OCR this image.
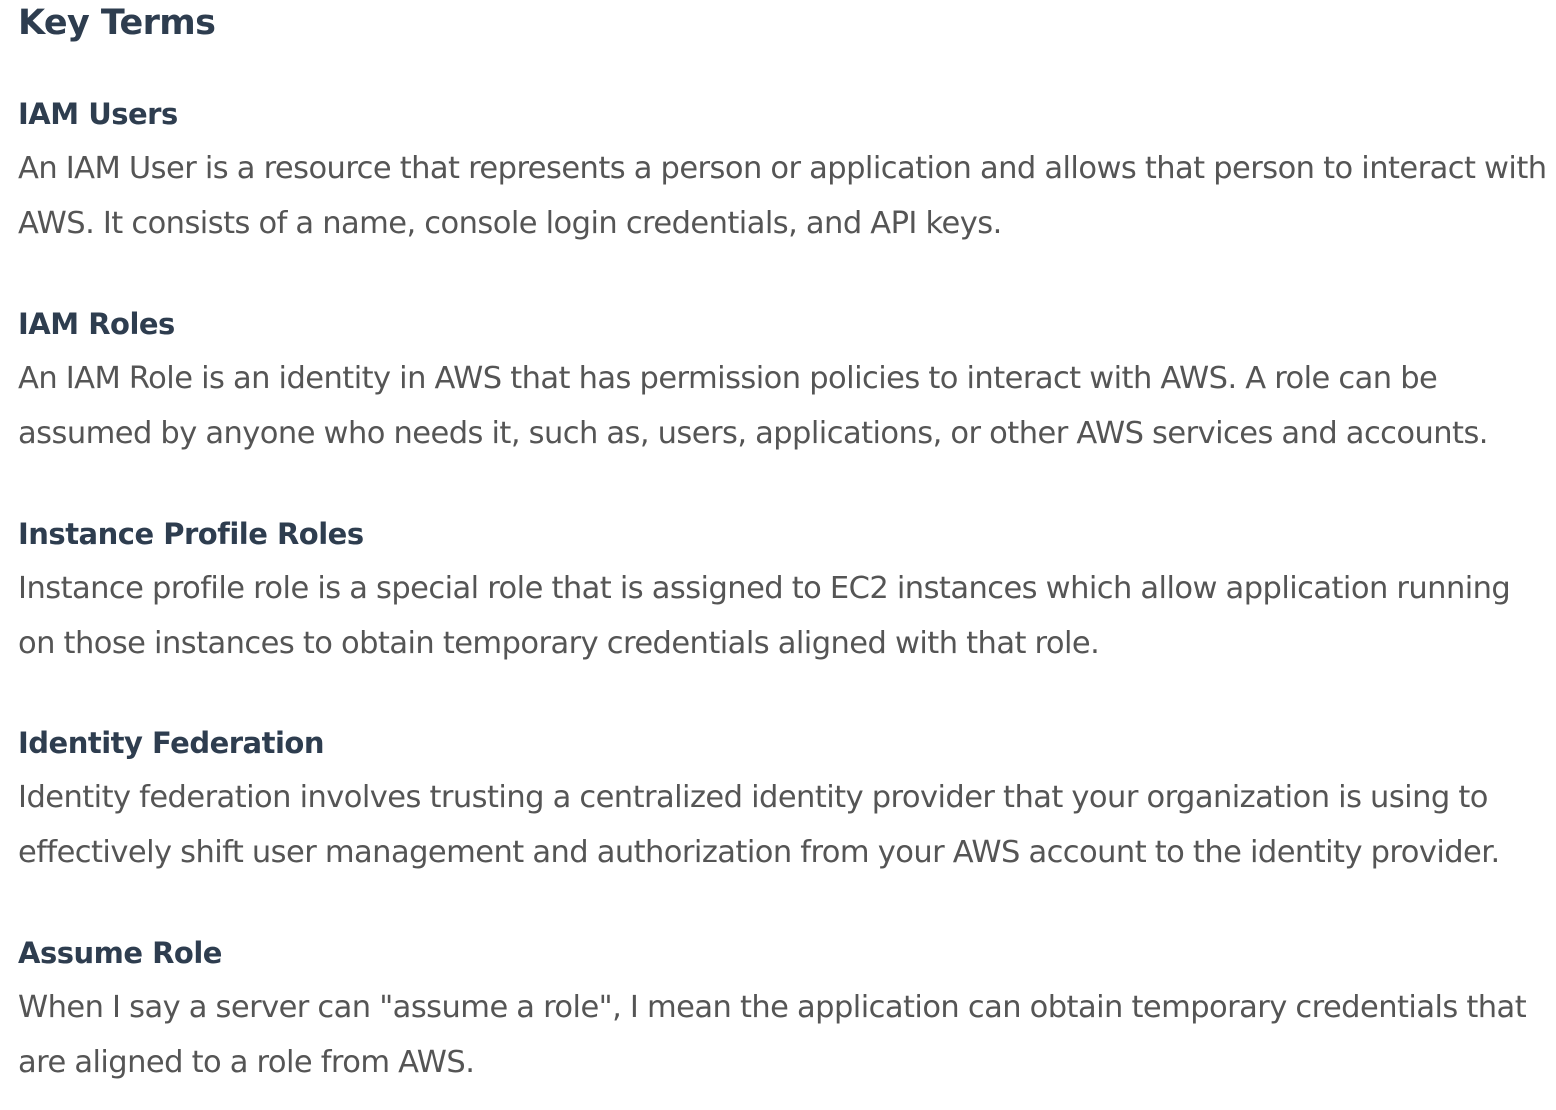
Key Terms
IAM Users

An IAM User is a resource that represents a person or application and allows that person to interact with AWS. It consists of a name, console login credentials, and API keys.

IAM Roles

An IAM Role is an identity in AWS that has permission policies to interact with AWS. A role can be assumed by anyone who needs it, such as, users, applications, or other AWS services and accounts.

Instance Profile Roles

Instance profile role is a special role that is assigned to EC2 instances which allow application running on those instances to obtain temporary credentials aligned with that role.

Identity Federation

Identity federation involves trusting a centralized identity provider that your organization is using to effectively shift user management and authorization from your AWS account to the identity provider.

Assume Role

When I say a server can "assume a role", I mean the application can obtain temporary credentials that are aligned to a role from AWS.
